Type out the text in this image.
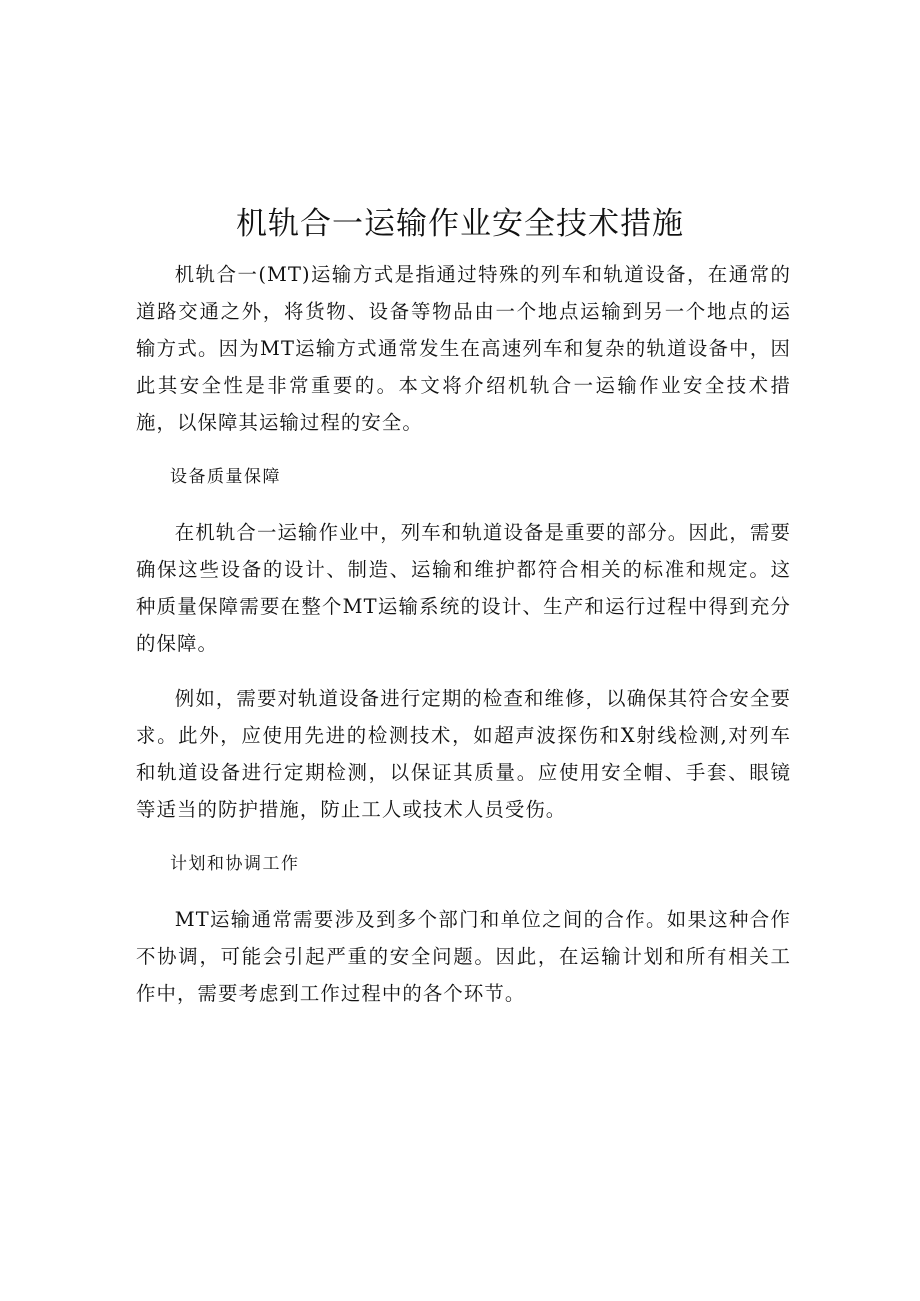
机轨合一运输作业安全技术措施

机轨合一(MT)运输方式是指通过特殊的列车和轨道设备，在通常的道路交通之外，将货物、设备等物品由一个地点运输到另一个地点的运输方式。因为MT运输方式通常发生在高速列车和复杂的轨道设备中，因此其安全性是非常重要的。本文将介绍机轨合一运输作业安全技术措施，以保障其运输过程的安全。

设备质量保障

在机轨合一运输作业中，列车和轨道设备是重要的部分。因此，需要确保这些设备的设计、制造、运输和维护都符合相关的标准和规定。这种质量保障需要在整个MT运输系统的设计、生产和运行过程中得到充分的保障。

例如，需要对轨道设备进行定期的检查和维修，以确保其符合安全要求。此外，应使用先进的检测技术，如超声波探伤和X射线检测,对列车和轨道设备进行定期检测，以保证其质量。应使用安全帽、手套、眼镜等适当的防护措施，防止工人或技术人员受伤。

计划和协调工作

MT运输通常需要涉及到多个部门和单位之间的合作。如果这种合作不协调，可能会引起严重的安全问题。因此，在运输计划和所有相关工作中，需要考虑到工作过程中的各个环节。
